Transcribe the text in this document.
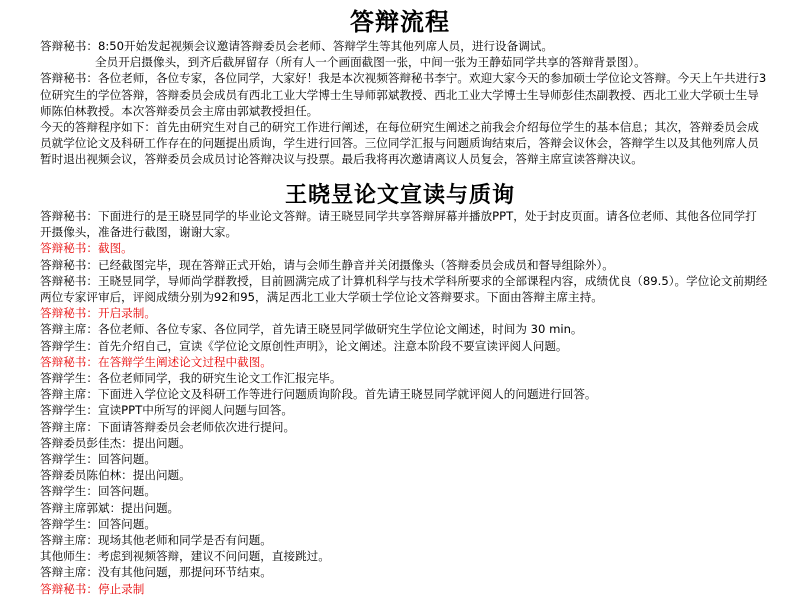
答辩流程

答辩秘书：8:50开始发起视频会议邀请答辩委员会老师、答辩学生等其他列席人员，进行设备调试。

全员开启摄像头，到齐后截屏留存（所有人一个画面截图一张，中间一张为王静茹同学共享的答辩背景图）。

答辩秘书：各位老师，各位专家，各位同学，大家好！我是本次视频答辩秘书李宁。欢迎大家今天的参加硕士学位论文答辩。今天上午共进行3位研究生的学位答辩，答辩委员会成员有西北工业大学博士生导师郭斌教授、西北工业大学博士生导师彭佳杰副教授、西北工业大学硕士生导师陈伯林教授。本次答辩委员会主席由郭斌教授担任。

今天的答辩程序如下：首先由研究生对自己的研究工作进行阐述，在每位研究生阐述之前我会介绍每位学生的基本信息；其次，答辩委员会成员就学位论文及科研工作存在的问题提出质询，学生进行回答。三位同学汇报与问题质询结束后，答辩会议休会，答辩学生以及其他列席人员暂时退出视频会议，答辩委员会成员讨论答辩决议与投票。最后我将再次邀请离议人员复会，答辩主席宣读答辩决议。

王晓昱论文宣读与质询

答辩秘书：下面进行的是王晓昱同学的毕业论文答辩。请王晓昱同学共享答辩屏幕并播放PPT，处于封皮页面。请各位老师、其他各位同学打开摄像头，准备进行截图，谢谢大家。

答辩秘书：截图。

答辩秘书：已经截图完毕，现在答辩正式开始，请与会师生静音并关闭摄像头（答辩委员会成员和督导组除外）。

答辩秘书：王晓昱同学，导师尚学群教授，目前圆满完成了计算机科学与技术学科所要求的全部课程内容，成绩优良（89.5）。学位论文前期经两位专家评审后，评阅成绩分别为92和95，满足西北工业大学硕士学位论文答辩要求。下面由答辩主席主持。

答辩秘书：开启录制。

答辩主席：各位老师、各位专家、各位同学，首先请王晓昱同学做研究生学位论文阐述，时间为 30 min。

答辩学生：首先介绍自己，宣读《学位论文原创性声明》，论文阐述。注意本阶段不要宣读评阅人问题。

答辩秘书：在答辩学生阐述论文过程中截图。

答辩学生：各位老师同学，我的研究生论文工作汇报完毕。

答辩主席：下面进入学位论文及科研工作等进行问题质询阶段。首先请王晓昱同学就评阅人的问题进行回答。

答辩学生：宣读PPT中所写的评阅人问题与回答。

答辩主席：下面请答辩委员会老师依次进行提问。

答辩委员彭佳杰：提出问题。

答辩学生：回答问题。

答辩委员陈伯林：提出问题。

答辩学生：回答问题。

答辩主席郭斌：提出问题。

答辩学生：回答问题。

答辩主席：现场其他老师和同学是否有问题。

其他师生：考虑到视频答辩，建议不问问题，直接跳过。

答辩主席：没有其他问题，那提问环节结束。

答辩秘书：停止录制
